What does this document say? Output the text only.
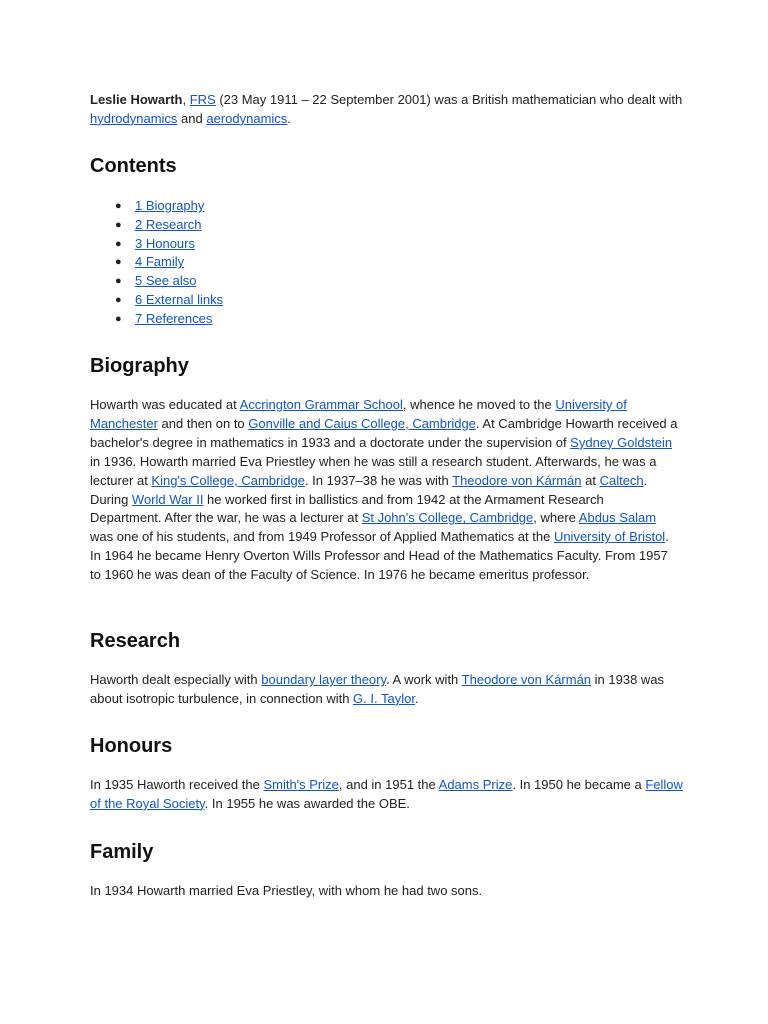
Leslie Howarth, FRS (23 May 1911 – 22 September 2001) was a British mathematician who dealt with hydrodynamics and aerodynamics.

Contents
● 1 Biography
● 2 Research
● 3 Honours
● 4 Family
● 5 See also
● 6 External links
● 7 References
Biography

Howarth was educated at Accrington Grammar School, whence he moved to the University of Manchester and then on to Gonville and Caius College, Cambridge. At Cambridge Howarth received a bachelor's degree in mathematics in 1933 and a doctorate under the supervision of Sydney Goldstein in 1936. Howarth married Eva Priestley when he was still a research student. Afterwards, he was a lecturer at King's College, Cambridge. In 1937–38 he was with Theodore von Kármán at Caltech. During World War II he worked first in ballistics and from 1942 at the Armament Research Department. After the war, he was a lecturer at St John's College, Cambridge, where Abdus Salam was one of his students, and from 1949 Professor of Applied Mathematics at the University of Bristol. In 1964 he became Henry Overton Wills Professor and Head of the Mathematics Faculty. From 1957 to 1960 he was dean of the Faculty of Science. In 1976 he became emeritus professor.

Research

Haworth dealt especially with boundary layer theory. A work with Theodore von Kármán in 1938 was about isotropic turbulence, in connection with G. I. Taylor.

Honours

In 1935 Haworth received the Smith's Prize, and in 1951 the Adams Prize. In 1950 he became a Fellow of the Royal Society. In 1955 he was awarded the OBE.

Family

In 1934 Howarth married Eva Priestley, with whom he had two sons.
